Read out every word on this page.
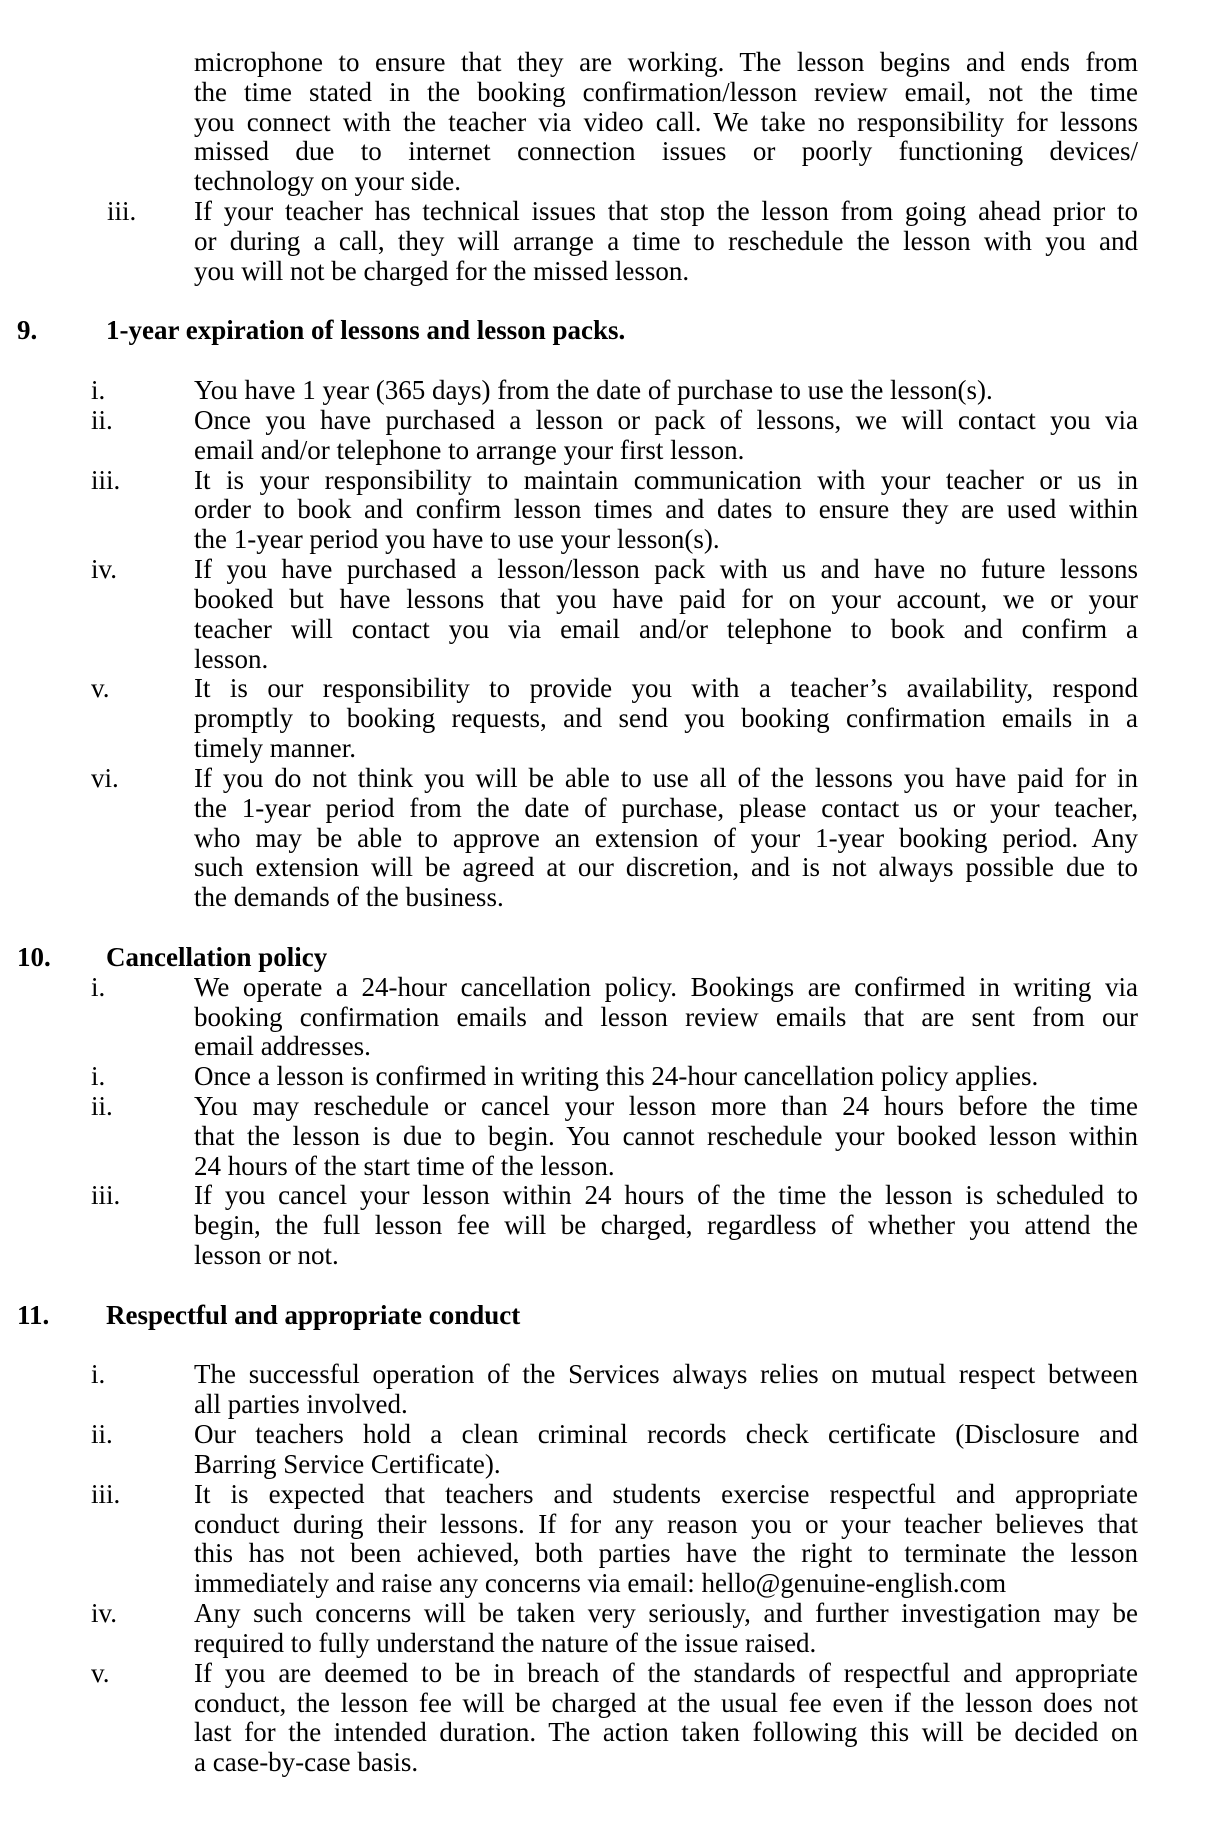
microphone to ensure that they are working. The lesson begins and ends from
the time stated in the booking confirmation/lesson review email, not the time
you connect with the teacher via video call. We take no responsibility for lessons
missed due to internet connection issues or poorly functioning devices/
technology on your side.
iii. If your teacher has technical issues that stop the lesson from going ahead prior to
or during a call, they will arrange a time to reschedule the lesson with you and
you will not be charged for the missed lesson.
9.	1-year expiration of lessons and lesson packs.
i.	You have 1 year (365 days) from the date of purchase to use the lesson(s).
ii.	Once you have purchased a lesson or pack of lessons, we will contact you via
email and/or telephone to arrange your first lesson.
iii.	It is your responsibility to maintain communication with your teacher or us in
order to book and confirm lesson times and dates to ensure they are used within
the 1-year period you have to use your lesson(s).
iv.	If you have purchased a lesson/lesson pack with us and have no future lessons
booked but have lessons that you have paid for on your account, we or your
teacher will contact you via email and/or telephone to book and confirm a
lesson.
v.	It is our responsibility to provide you with a teacher’s availability, respond
promptly to booking requests, and send you booking confirmation emails in a
timely manner.
vi.	If you do not think you will be able to use all of the lessons you have paid for in
the 1-year period from the date of purchase, please contact us or your teacher,
who may be able to approve an extension of your 1-year booking period. Any
such extension will be agreed at our discretion, and is not always possible due to
the demands of the business.
10. Cancellation policy
i.	We operate a 24-hour cancellation policy. Bookings are confirmed in writing via
booking confirmation emails and lesson review emails that are sent from our
email addresses.
i.	Once a lesson is confirmed in writing this 24-hour cancellation policy applies.
ii.	You may reschedule or cancel your lesson more than 24 hours before the time
that the lesson is due to begin. You cannot reschedule your booked lesson within
24 hours of the start time of the lesson.
iii.	If you cancel your lesson within 24 hours of the time the lesson is scheduled to
begin, the full lesson fee will be charged, regardless of whether you attend the
lesson or not.
11. Respectful and appropriate conduct
i.	The successful operation of the Services always relies on mutual respect between
all parties involved.
ii.	Our teachers hold a clean criminal records check certificate (Disclosure and
Barring Service Certificate).
iii.	It is expected that teachers and students exercise respectful and appropriate
conduct during their lessons. If for any reason you or your teacher believes that
this has not been achieved, both parties have the right to terminate the lesson
immediately and raise any concerns via email: hello@genuine-english.com
iv.	Any such concerns will be taken very seriously, and further investigation may be
required to fully understand the nature of the issue raised.
v.	If you are deemed to be in breach of the standards of respectful and appropriate
conduct, the lesson fee will be charged at the usual fee even if the lesson does not
last for the intended duration. The action taken following this will be decided on
a case-by-case basis.
